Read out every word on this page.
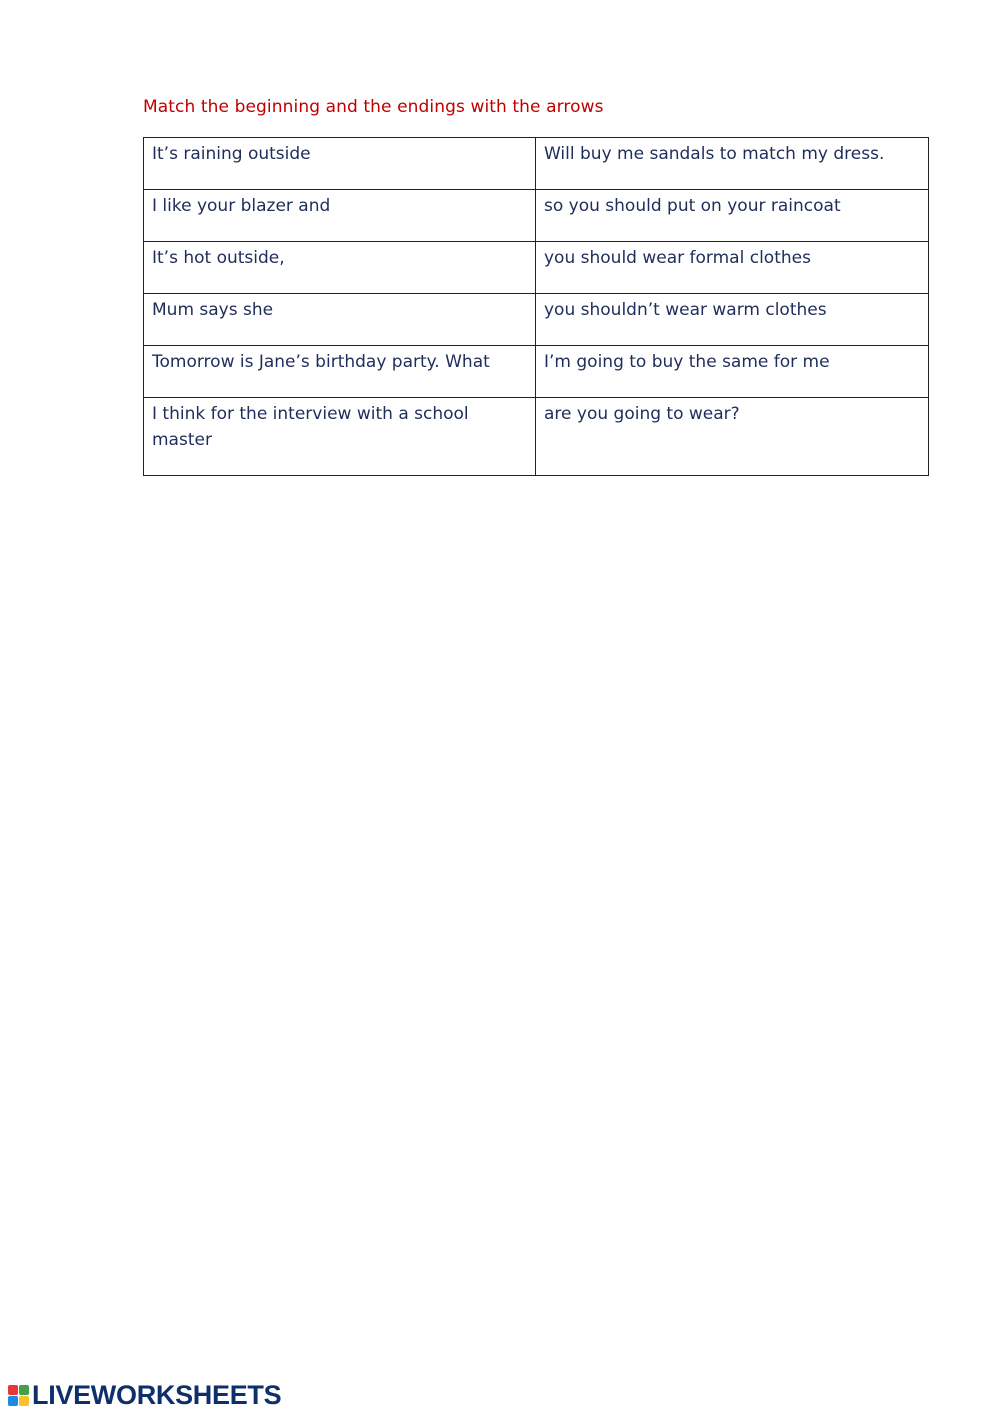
Match the beginning and the endings with the arrows
It’s raining outside	Will buy me sandals to match my dress.
I like your blazer and	so you should put on your raincoat
It’s hot outside,	you should wear formal clothes
Mum says she	you shouldn’t wear warm clothes
Tomorrow is Jane’s birthday party. What	I’m going to buy the same for me
I think for the interview with a school master	are you going to wear?
LIVEWORKSHEETS
